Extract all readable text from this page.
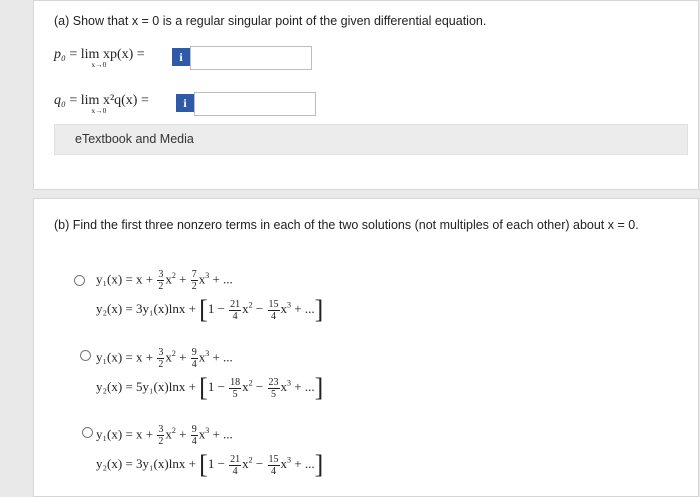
(a) Show that x = 0 is a regular singular point of the given differential equation.
p₀ = lim xp(x) =
x→0
i
q₀ = lim x²q(x) =
x→0
i
eTextbook and Media
(b) Find the first three nonzero terms in each of the two solutions (not multiples of each other) about x = 0.
$y_1(x) = x + \frac{3}{2} x^2 + \frac{7}{2} x^3$ + ...
$y_2(x) = 3y_1(x)\ln x + [1 - \frac{21}{4} x^2 - \frac{15}{4} x^3$ + ...]
$y_1(x) = x + \frac{3}{2} x^2 + \frac{9}{4} x^3$ + ...
$y_2(x) = 5y_1(x)\ln x + [1 - \frac{18}{5} x^2 - \frac{23}{5} x^3$ + ...]
$y_1(x) = x + \frac{3}{2} x^2 + \frac{9}{4} x^3$ + ...
$y_2(x) = 3y_1(x)\ln x + [1 - \frac{21}{4} x^2 - \frac{15}{4} x^3$ + ...]
